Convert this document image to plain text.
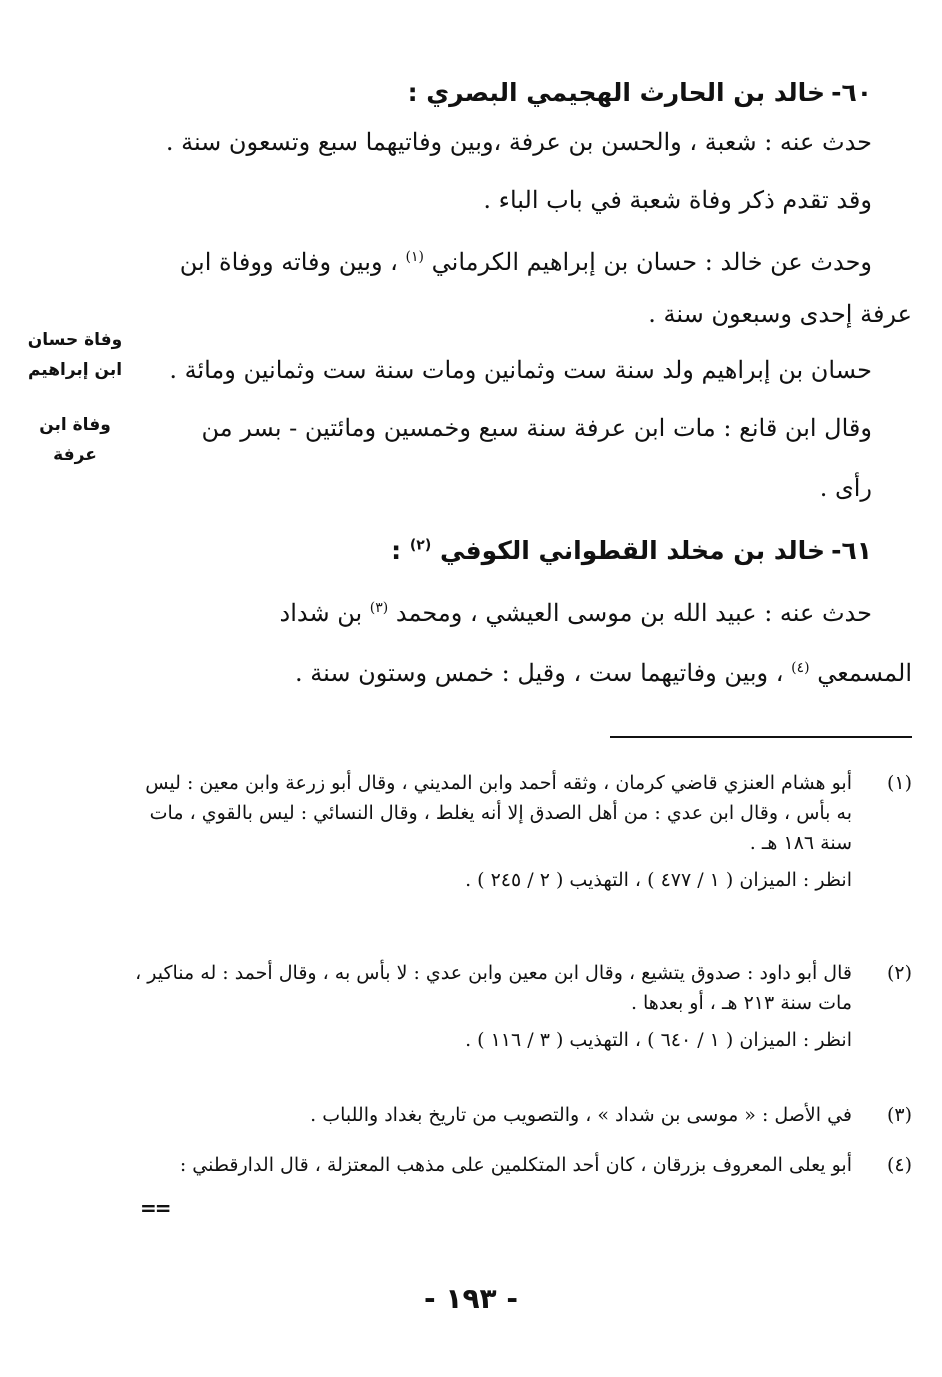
٦٠-خالد بن الحارث الهجيمي البصري :
حدث عنه : شعبة ، والحسن بن عرفة ،وبين وفاتيهما سبع وتسعون سنة .
وقد تقدم ذكر وفاة شعبة في باب الباء .
وحدث عن خالد : حسان بن إبراهيم الكرماني $^{(١)}$ ، وبين وفاته ووفاة ابن
عرفة إحدى وسبعون سنة .
حسان بن إبراهيم ولد سنة ست وثمانين ومات سنة ست وثمانين ومائة .
وقال ابن قانع : مات ابن عرفة سنة سبع وخمسين ومائتين - بسر من
رأى .
وفاة حسان ابن إبراهيم
وفاة ابن عرفة
٦١-خالد بن مخلد القطواني الكوفي $^{(٢)}$ :
حدث عنه : عبيد الله بن موسى العيشي ، ومحمد $^{(٣)}$ بن شداد
المسمعي $^{(٤)}$ ، وبين وفاتيهما ست ، وقيل : خمس وستون سنة .
(١)

أبو هشام العنزي قاضي كرمان ، وثقه أحمد وابن المديني ، وقال أبو زرعة وابن معين : ليس به بأس ، وقال ابن عدي : من أهل الصدق إلا أنه يغلط ، وقال النسائي : ليس بالقوي ، مات سنة ١٨٦ هـ .

انظر : الميزان ( ١ / ٤٧٧ ) ، التهذيب ( ٢ / ٢٤٥ ) .

(٢)

قال أبو داود : صدوق يتشيع ، وقال ابن معين وابن عدي : لا بأس به ، وقال أحمد : له مناكير ، مات سنة ٢١٣ هـ ، أو بعدها .

انظر : الميزان ( ١ / ٦٤٠ ) ، التهذيب ( ٣ / ١١٦ ) .

(٣)

في الأصل : « موسى بن شداد » ، والتصويب من تاريخ بغداد واللباب .

(٤)

أبو يعلى المعروف بزرقان ، كان أحد المتكلمين على مذهب المعتزلة ، قال الدارقطني :

==
- ١٩٣ -
